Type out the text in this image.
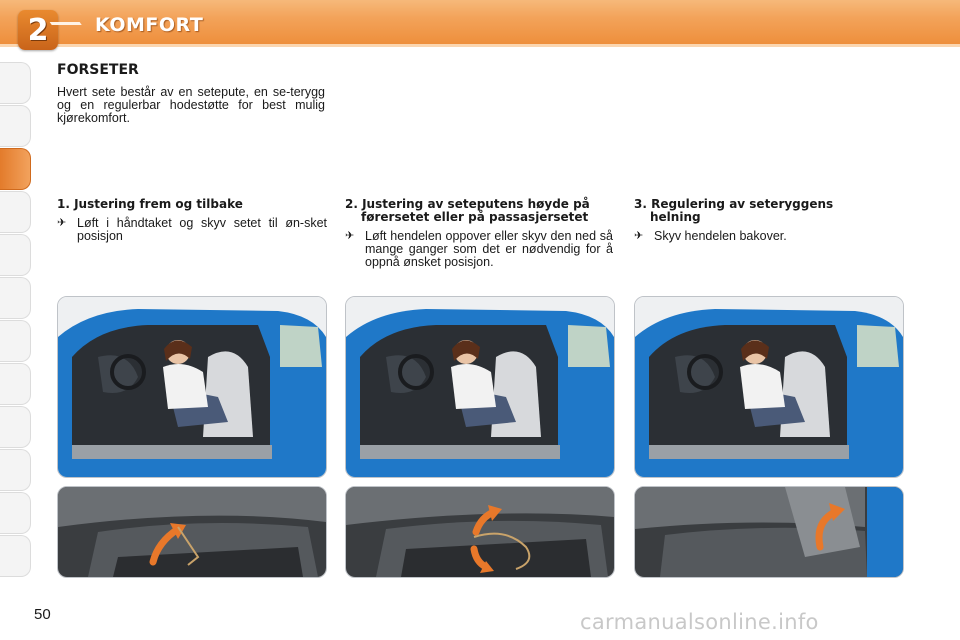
2 KOMFORT
FORSETER
Hvert sete består av en setepute, en se-terygg og en regulerbar hodestøtte for best mulig kjørekomfort.
1. Justering frem og tilbake
✈ Løft i håndtaket og skyv setet til øn-sket posisjon
2. Justering av seteputens høyde på
førersetet eller på passasjersetet
✈ Løft hendelen oppover eller skyv den ned så mange ganger som det er nødvendig for å oppnå ønsket posisjon.
3. Regulering av seteryggens
helning
✈ Skyv hendelen bakover.
50	carmanualsonline.info
